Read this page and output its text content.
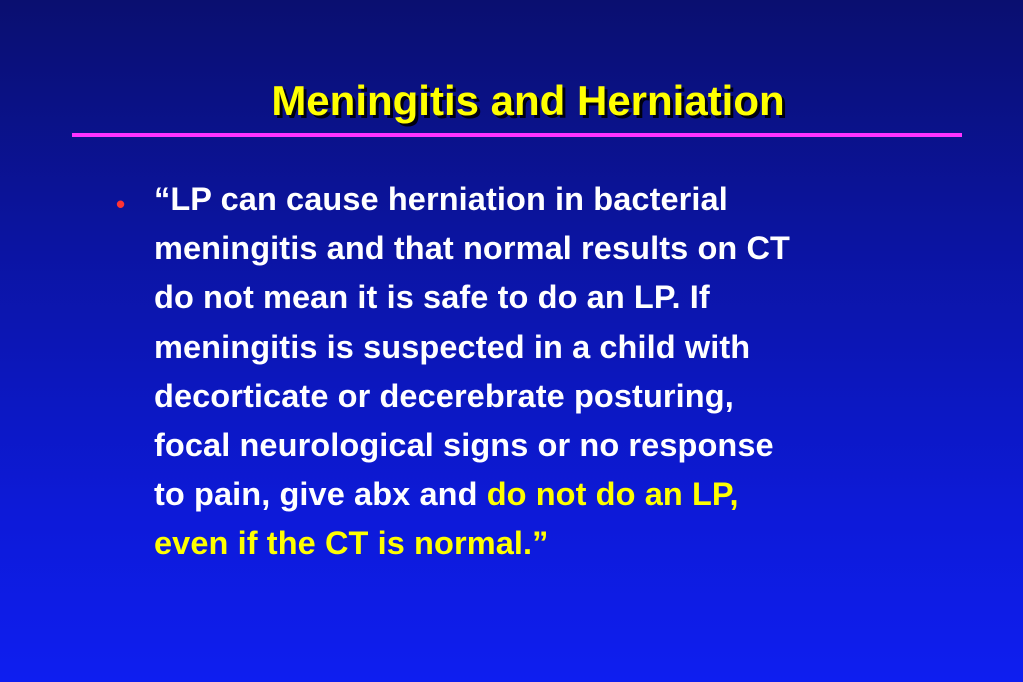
Meningitis and Herniation
• “LP can cause herniation in bacterial
meningitis and that normal results on CT
do not mean it is safe to do an LP. If
meningitis is suspected in a child with
decorticate or decerebrate posturing,
focal neurological signs or no response
to pain, give abx and do not do an LP,
even if the CT is normal.”
